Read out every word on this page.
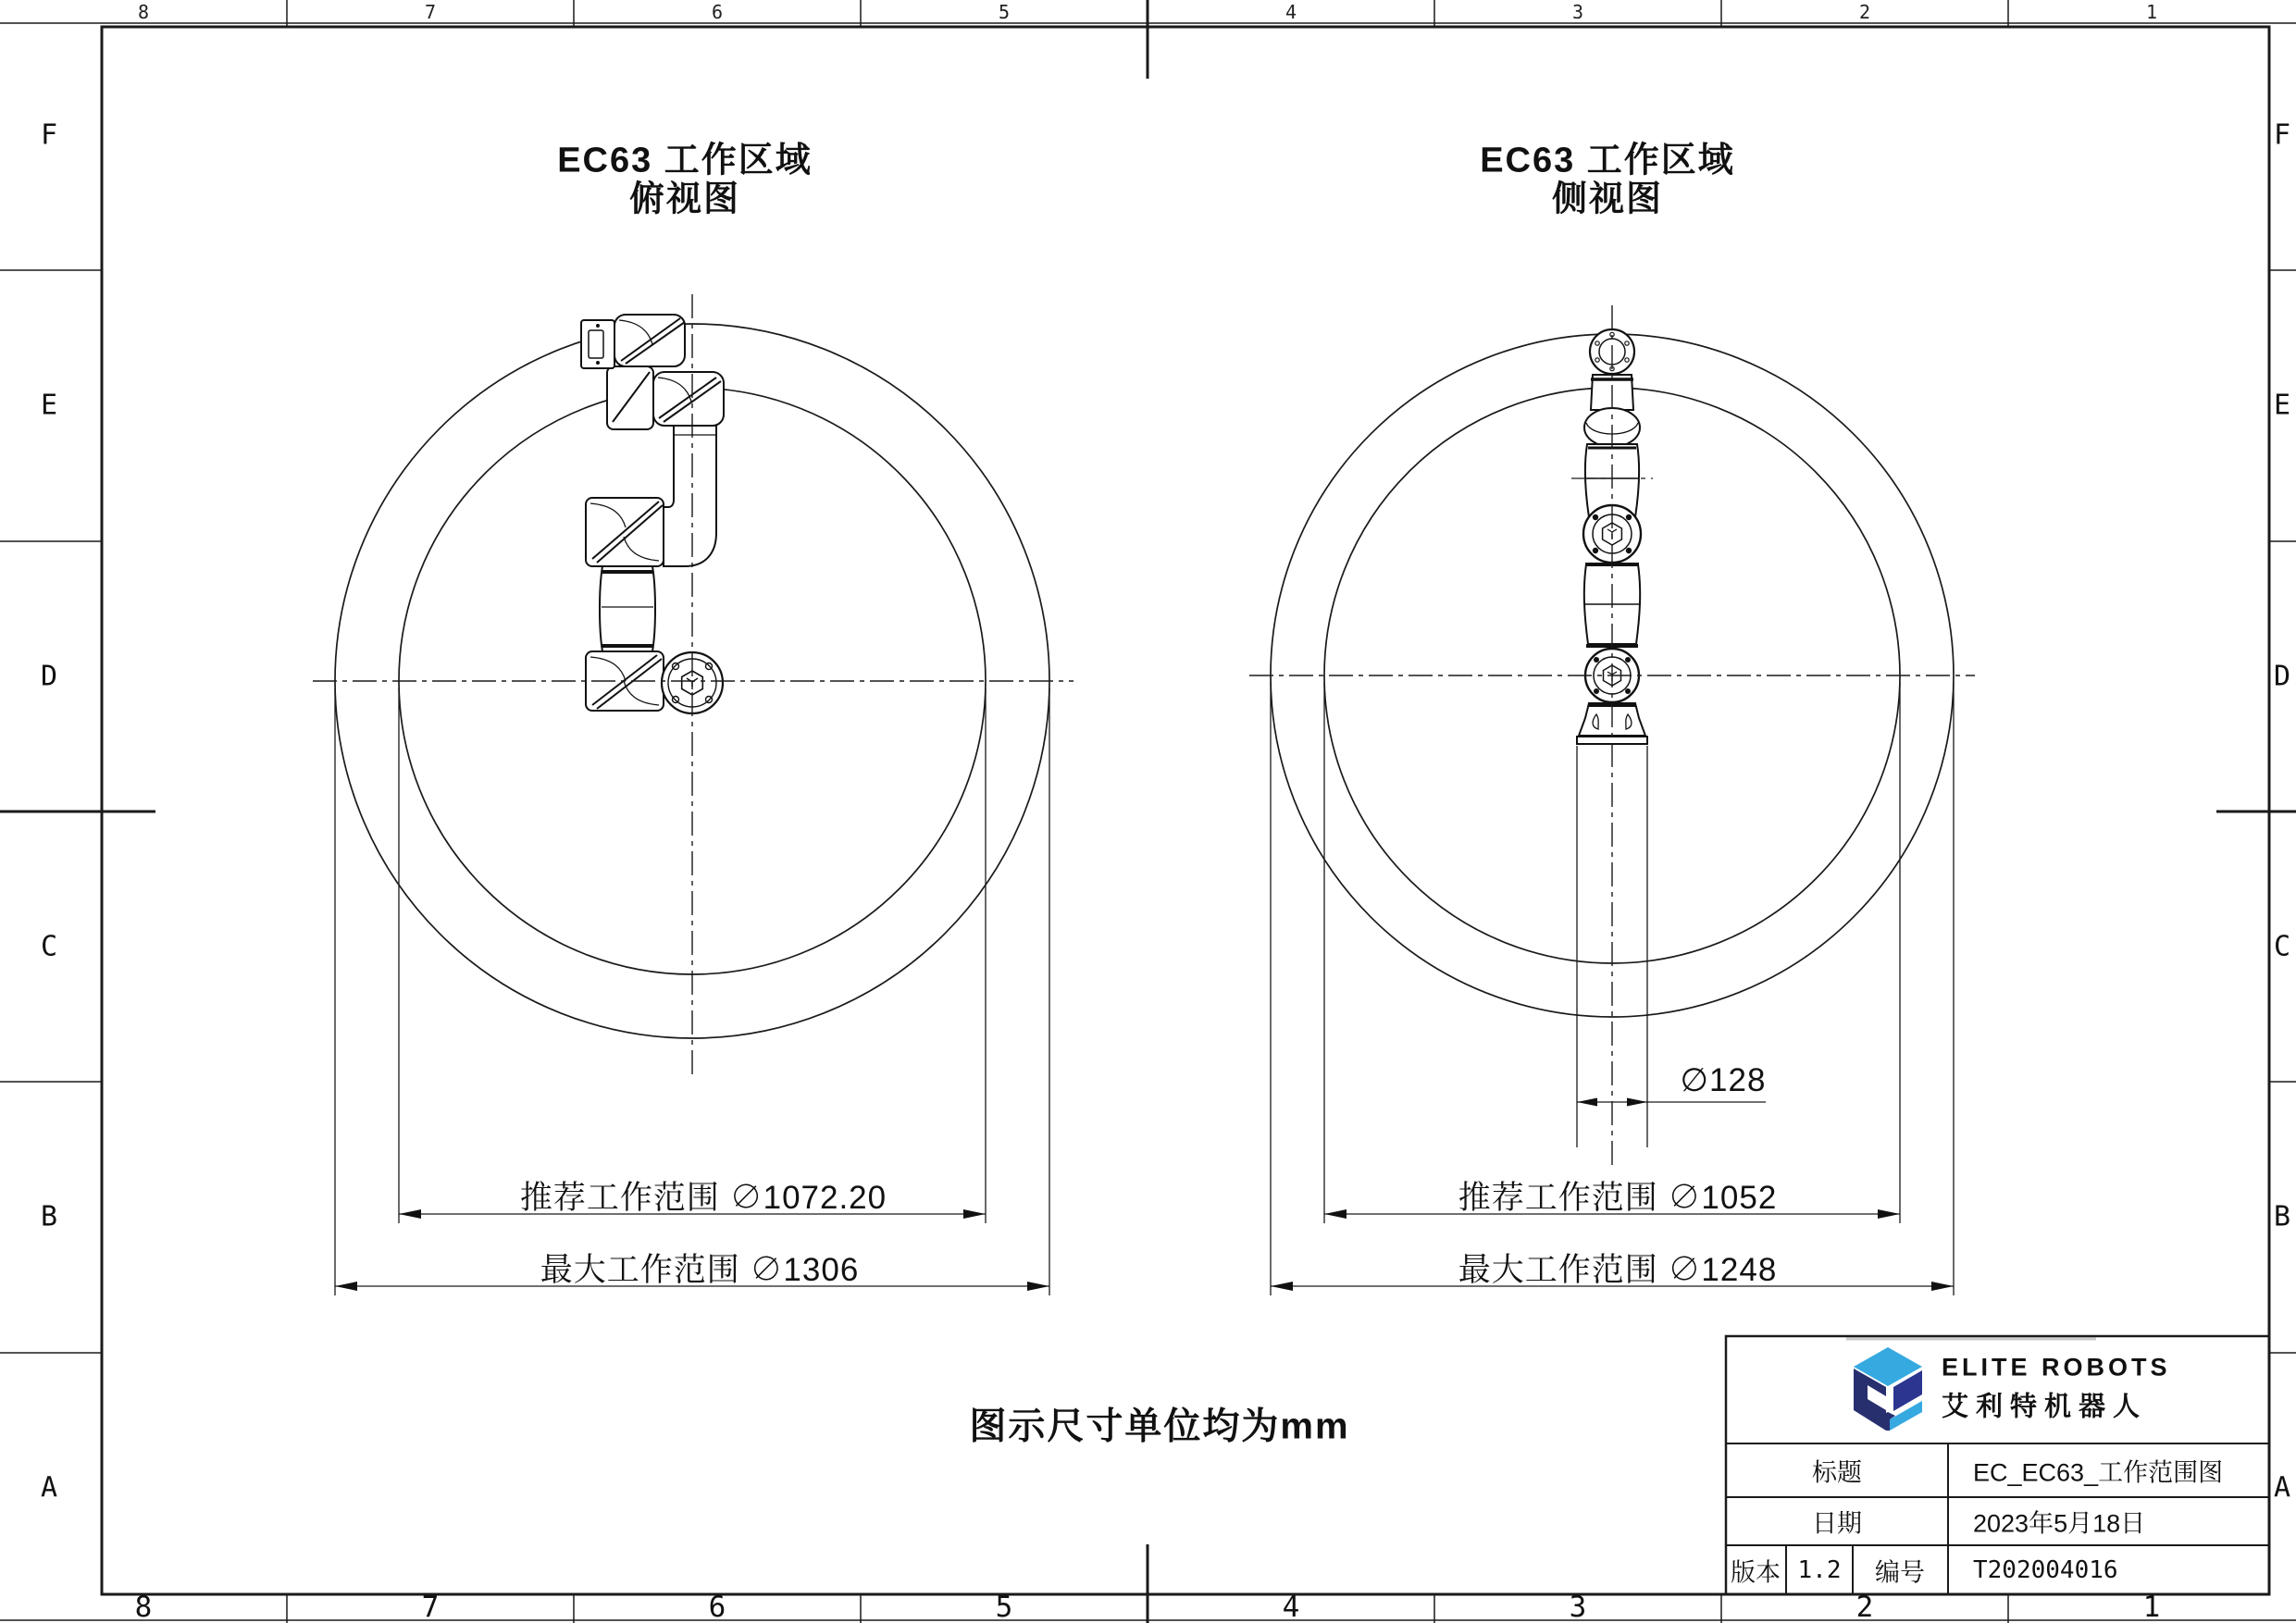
8	7	6	5	4	3	2	1
8	7	6	5	4	3	2	1
F
E
D
C
B
A
F
E
D
C
B
A
EC63 工作区域
俯视图
EC63 工作区域
侧视图
推荐工作范围 ∅1072.20
最大工作范围 ∅1306
推荐工作范围 ∅1052
最大工作范围 ∅1248
∅128
图示尺寸单位均为mm
ELITE ROBOTS
艾利特机器人
标题	EC_EC63_工作范围图
日期	2023年5月18日
版本 1.2 编号 T202004016
